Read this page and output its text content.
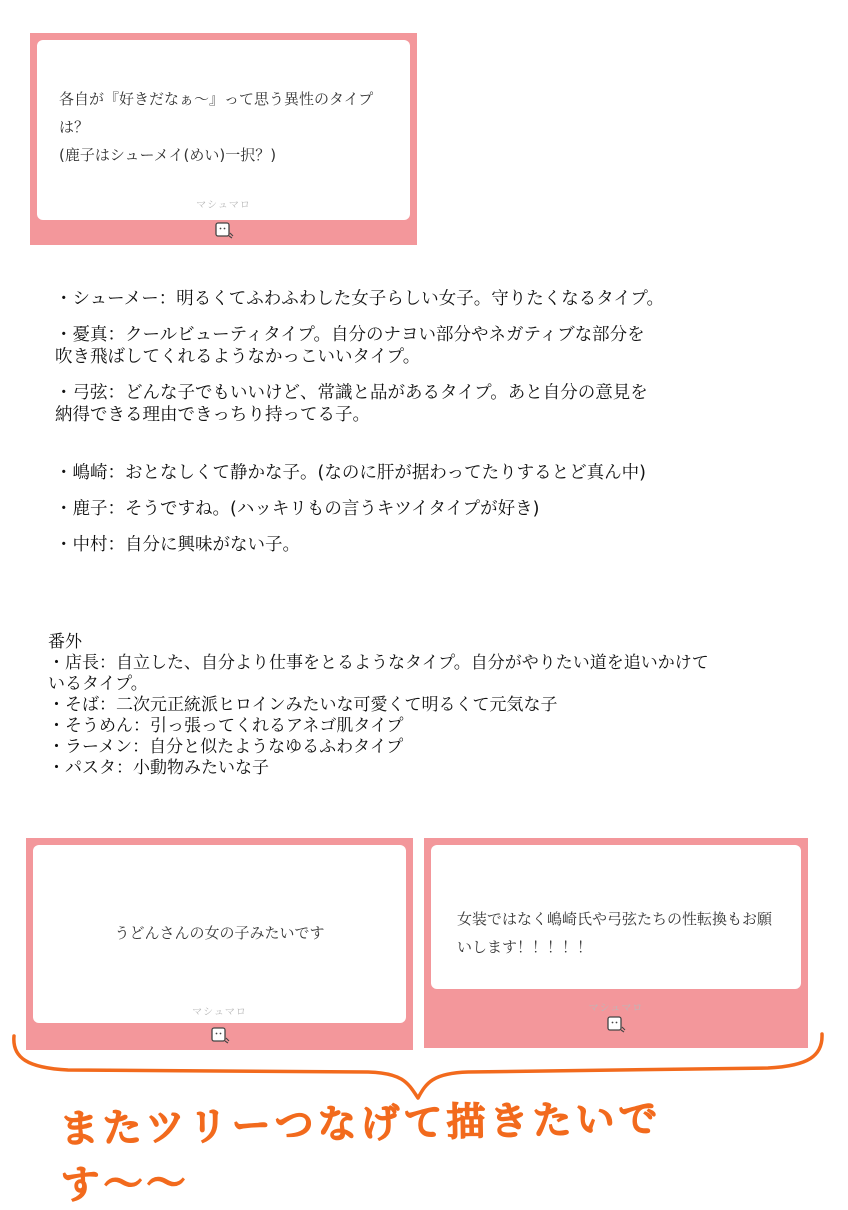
各自が『好きだなぁ〜』って思う異性のタイプ
は？
(鹿子はシューメイ(めい)一択？)
マシュマロ

・シューメー：明るくてふわふわした女子らしい女子。守りたくなるタイプ。

・憂真：クールビューティタイプ。自分のナヨい部分やネガティブな部分を
吹き飛ばしてくれるようなかっこいいタイプ。

・弓弦：どんな子でもいいけど、常識と品があるタイプ。あと自分の意見を
納得できる理由できっちり持ってる子。

・嶋崎：おとなしくて静かな子。(なのに肝が据わってたりするとど真ん中)

・鹿子：そうですね。(ハッキリもの言うキツイタイプが好き)

・中村：自分に興味がない子。

番外

・店長：自立した、自分より仕事をとるようなタイプ。自分がやりたい道を追いかけて
いるタイプ。

・そば：二次元正統派ヒロインみたいな可愛くて明るくて元気な子

・そうめん：引っ張ってくれるアネゴ肌タイプ

・ラーメン：自分と似たようなゆるふわタイプ

・パスタ：小動物みたいな子

うどんさんの女の子みたいです
マシュマロ
女装ではなく嶋崎氏や弓弦たちの性転換もお願
いします！！！！！
マシュマロ
またツリーつなげて描きたいです〜〜
